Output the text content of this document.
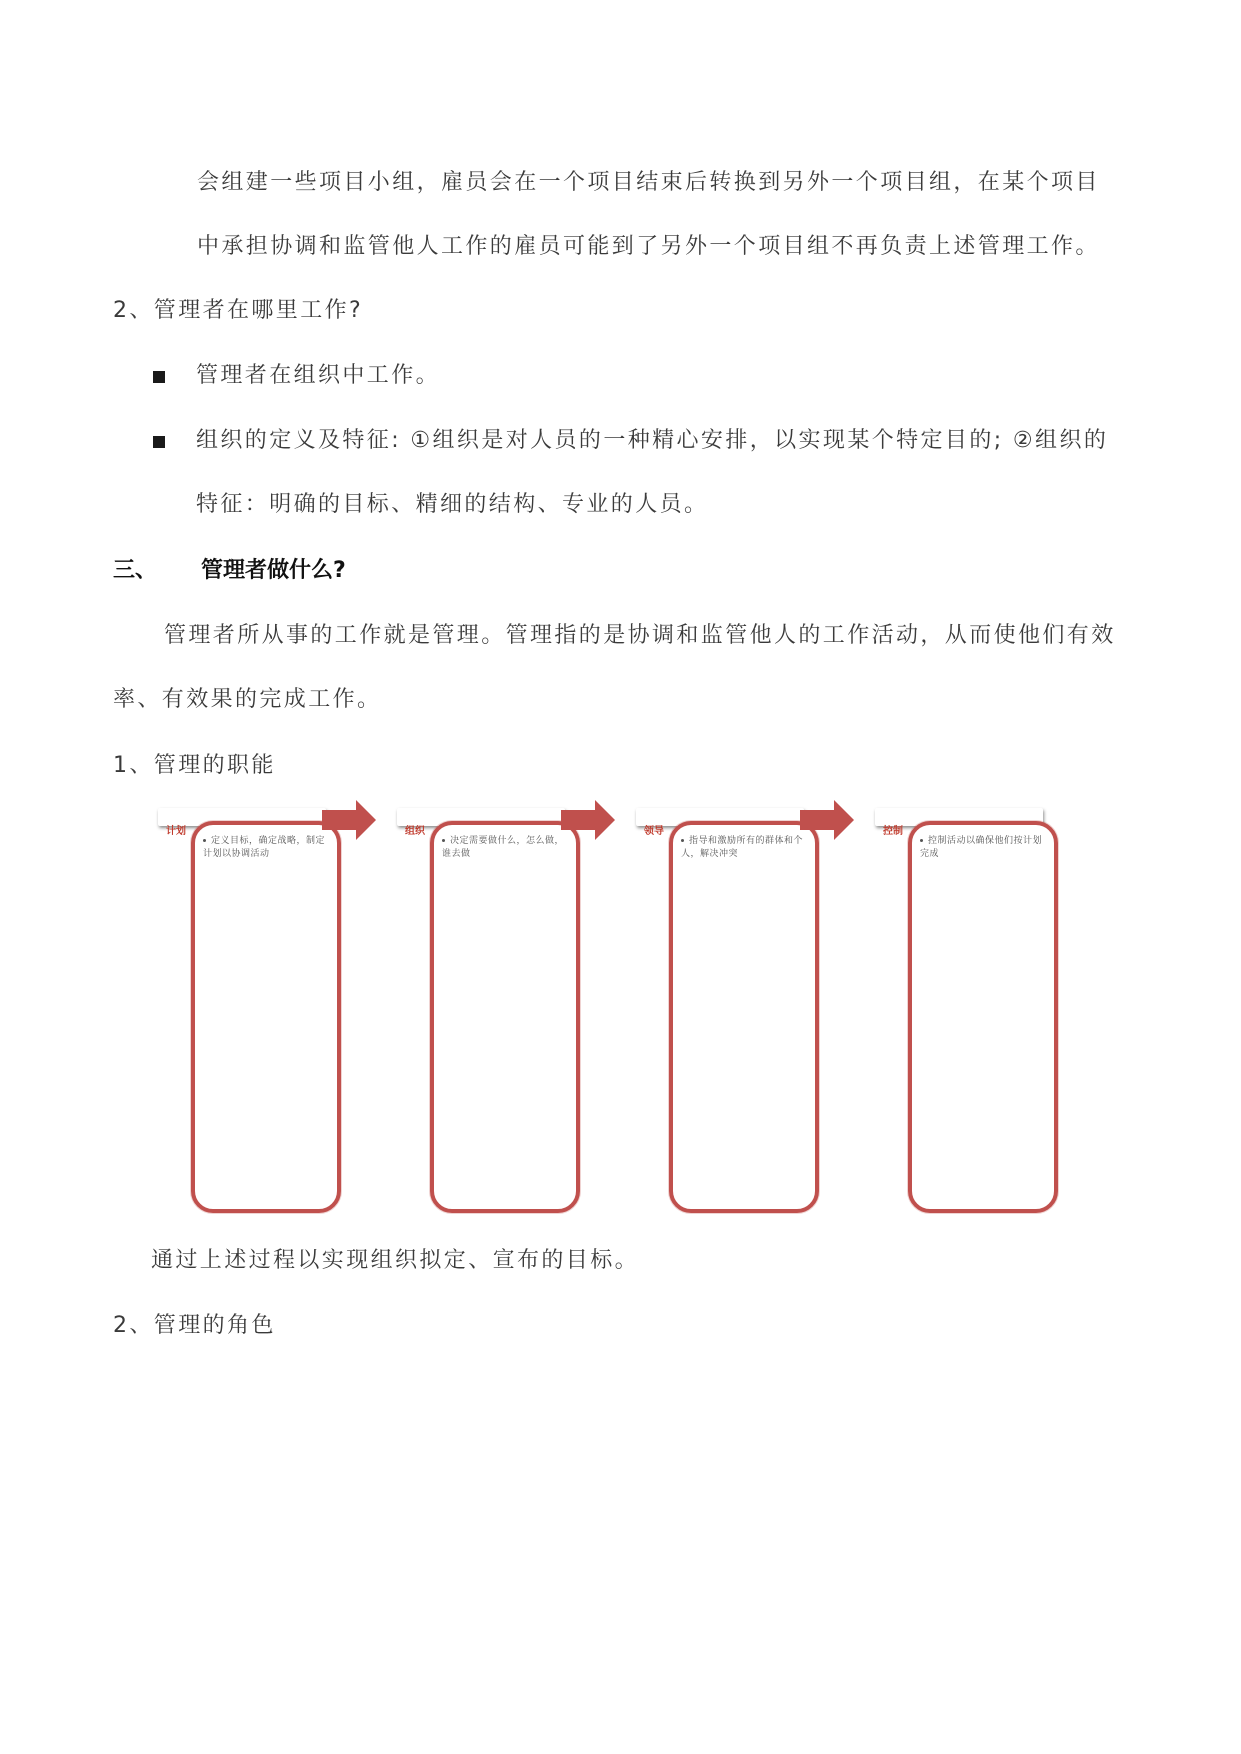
会组建一些项目小组，雇员会在一个项目结束后转换到另外一个项目组，在某个项目
中承担协调和监管他人工作的雇员可能到了另外一个项目组不再负责上述管理工作。
2、管理者在哪里工作?
管理者在组织中工作。
组织的定义及特征: ①组织是对人员的一种精心安排，以实现某个特定目的; ②组织的
特征：明确的目标、精细的结构、专业的人员。
三、 管理者做什么?
管理者所从事的工作就是管理。管理指的是协调和监管他人的工作活动，从而使他们有效
率、有效果的完成工作。
1、管理的职能
计划
定义目标，确定战略，制定计划以协调活动
组织
决定需要做什么，怎么做，谁去做
领导
指导和激励所有的群体和个人，解决冲突
控制
控制活动以确保他们按计划完成
通过上述过程以实现组织拟定、宣布的目标。
2、管理的角色
